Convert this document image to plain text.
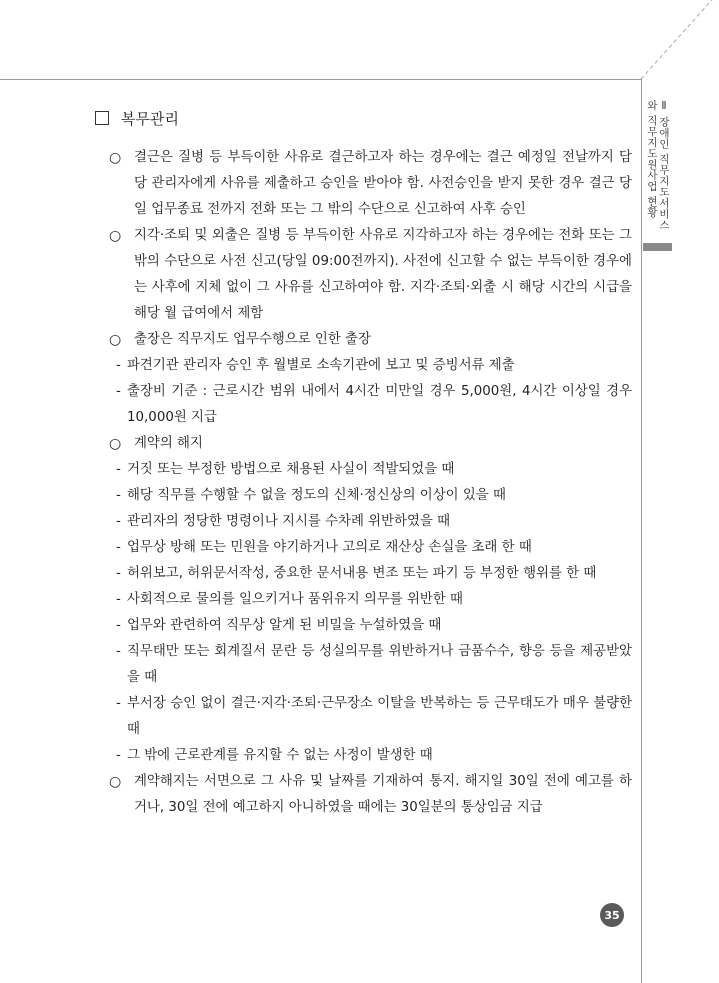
Ⅱ 장애인 직무지도서비스와 직무지도원사업 현황
복무관리
○ 결근은 질병 등 부득이한 사유로 결근하고자 하는 경우에는 결근 예정일 전날까지 담당 관리자에게 사유를 제출하고 승인을 받아야 함. 사전승인을 받지 못한 경우 결근 당일 업무종료 전까지 전화 또는 그 밖의 수단으로 신고하여 사후 승인
○ 지각·조퇴 및 외출은 질병 등 부득이한 사유로 지각하고자 하는 경우에는 전화 또는 그 밖의 수단으로 사전 신고(당일 09:00전까지). 사전에 신고할 수 없는 부득이한 경우에는 사후에 지체 없이 그 사유를 신고하여야 함. 지각·조퇴·외출 시 해당 시간의 시급을 해당 월 급여에서 제함
○ 출장은 직무지도 업무수행으로 인한 출장
- 파견기관 관리자 승인 후 월별로 소속기관에 보고 및 증빙서류 제출
- 출장비 기준 : 근로시간 범위 내에서 4시간 미만일 경우 5,000원, 4시간 이상일 경우 10,000원 지급
○ 계약의 해지
- 거짓 또는 부정한 방법으로 채용된 사실이 적발되었을 때
- 해당 직무를 수행할 수 없을 정도의 신체·정신상의 이상이 있을 때
- 관리자의 정당한 명령이나 지시를 수차례 위반하였을 때
- 업무상 방해 또는 민원을 야기하거나 고의로 재산상 손실을 초래 한 때
- 허위보고, 허위문서작성, 중요한 문서내용 변조 또는 파기 등 부정한 행위를 한 때
- 사회적으로 물의를 일으키거나 품위유지 의무를 위반한 때
- 업무와 관련하여 직무상 알게 된 비밀을 누설하였을 때
- 직무태만 또는 회계질서 문란 등 성실의무를 위반하거나 금품수수, 향응 등을 제공받았을 때
- 부서장 승인 없이 결근·지각·조퇴·근무장소 이탈을 반복하는 등 근무태도가 매우 불량한 때
- 그 밖에 근로관계를 유지할 수 없는 사정이 발생한 때
○ 계약해지는 서면으로 그 사유 및 날짜를 기재하여 통지. 해지일 30일 전에 예고를 하거나, 30일 전에 예고하지 아니하였을 때에는 30일분의 통상임금 지급
35
